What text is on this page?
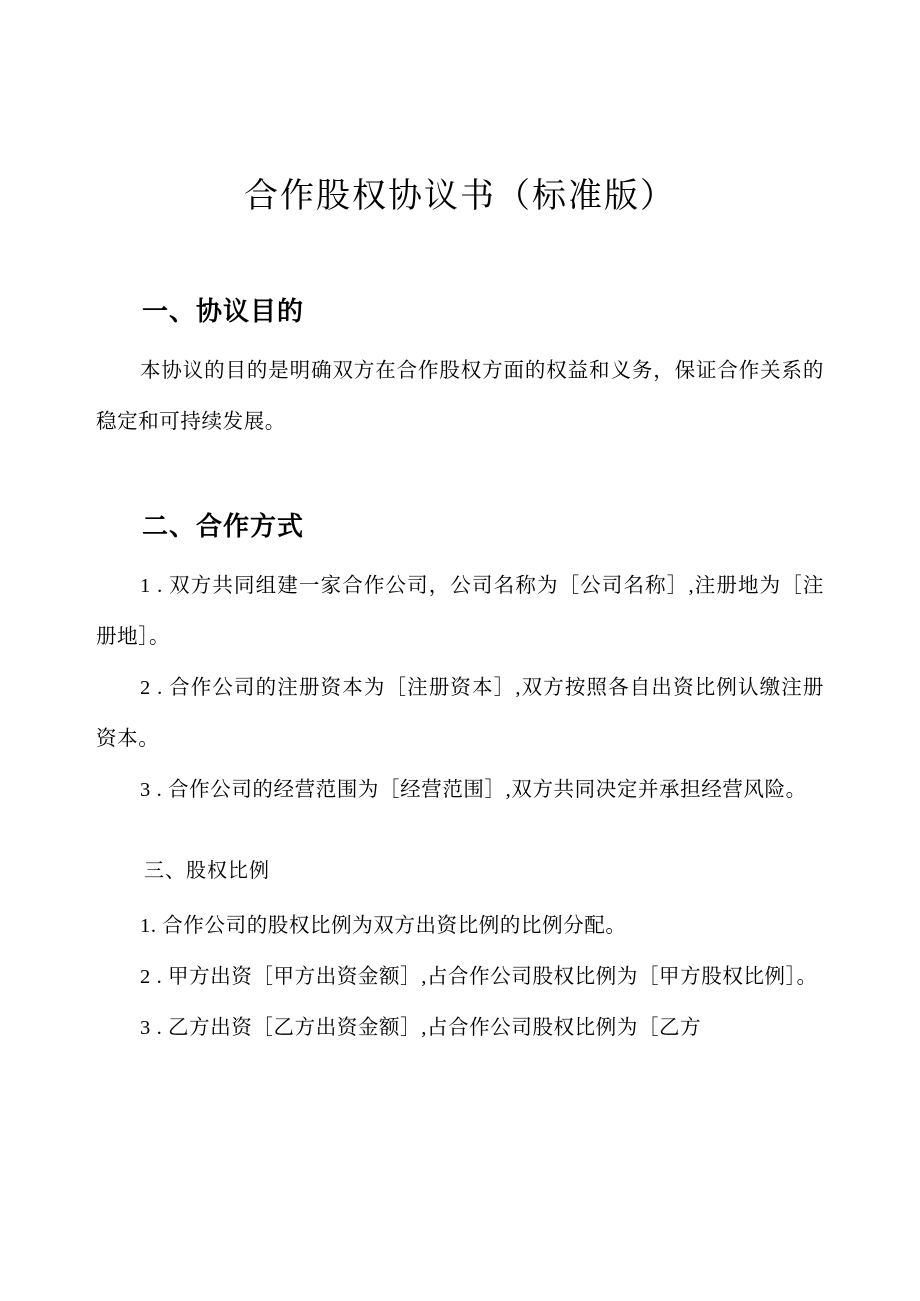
合作股权协议书（标准版）
一、协议目的

本协议的目的是明确双方在合作股权方面的权益和义务，保证合作关系的稳定和可持续发展。

二、合作方式

1 . 双方共同组建一家合作公司，公司名称为［公司名称］,注册地为［注册地］。

2 . 合作公司的注册资本为［注册资本］,双方按照各自出资比例认缴注册资本。

3 . 合作公司的经营范围为［经营范围］,双方共同决定并承担经营风险。

三、股权比例

1. 合作公司的股权比例为双方出资比例的比例分配。

2 . 甲方出资［甲方出资金额］,占合作公司股权比例为［甲方股权比例］。

3 . 乙方出资［乙方出资金额］,占合作公司股权比例为［乙方
